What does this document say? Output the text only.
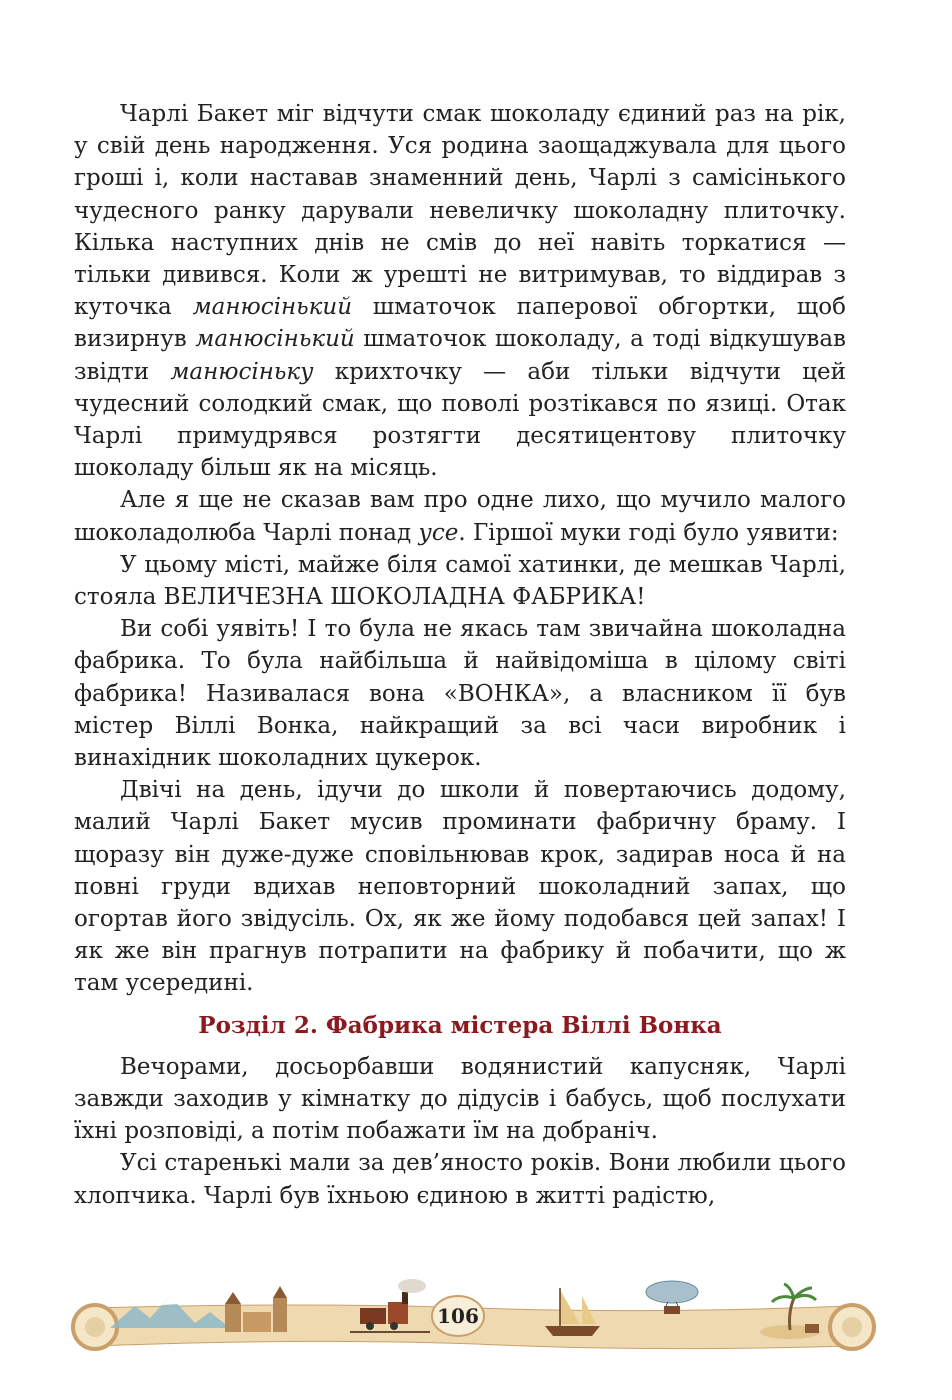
Чарлі Бакет міг відчути смак шоколаду єдиний раз на рік, у свій день народження. Уся родина заощаджувала для цього гроші і, коли наставав знаменний день, Чарлі з самісінького чудесного ранку дарували невеличку шоколадну плиточку. Кілька наступних днів не смів до неї навіть торкатися — тільки дивився. Коли ж урешті не витримував, то віддирав з куточка манюсінький шматочок паперової обгортки, щоб визирнув манюсінький шматочок шоколаду, а тоді відкушував звідти манюсіньку крихточку — аби тільки відчути цей чудесний солодкий смак, що поволі розтікався по язиці. Отак Чарлі примудрявся розтягти десятицентову плиточку шоколаду більш як на місяць.

Але я ще не сказав вам про одне лихо, що мучило малого шоколадолюба Чарлі понад усе. Гіршої муки годі було уявити:

У цьому місті, майже біля самої хатинки, де мешкав Чарлі, стояла ВЕЛИЧЕЗНА ШОКОЛАДНА ФАБРИКА!

Ви собі уявіть! І то була не якась там звичайна шоколадна фабрика. То була найбільша й найвідоміша в цілому світі фабрика! Називалася вона «ВОНКА», а власником її був містер Віллі Вонка, найкращий за всі часи виробник і винахідник шоколадних цукерок.

Двічі на день, ідучи до школи й повертаючись додому, малий Чарлі Бакет мусив проминати фабричну браму. І щоразу він дуже-дуже сповільнював крок, задирав носа й на повні груди вдихав неповторний шоколадний запах, що огортав його звідусіль. Ох, як же йому подобався цей запах! І як же він прагнув потрапити на фабрику й побачити, що ж там усередині.

Розділ 2. Фабрика містера Віллі Вонка

Вечорами, досьорбавши водянистий капусняк, Чарлі завжди заходив у кімнатку до дідусів і бабусь, щоб послухати їхні розповіді, а потім побажати їм на добраніч.

Усі старенькі мали за дев’яносто років. Вони любили цього хлопчика. Чарлі був їхньою єдиною в житті радістю,

106
